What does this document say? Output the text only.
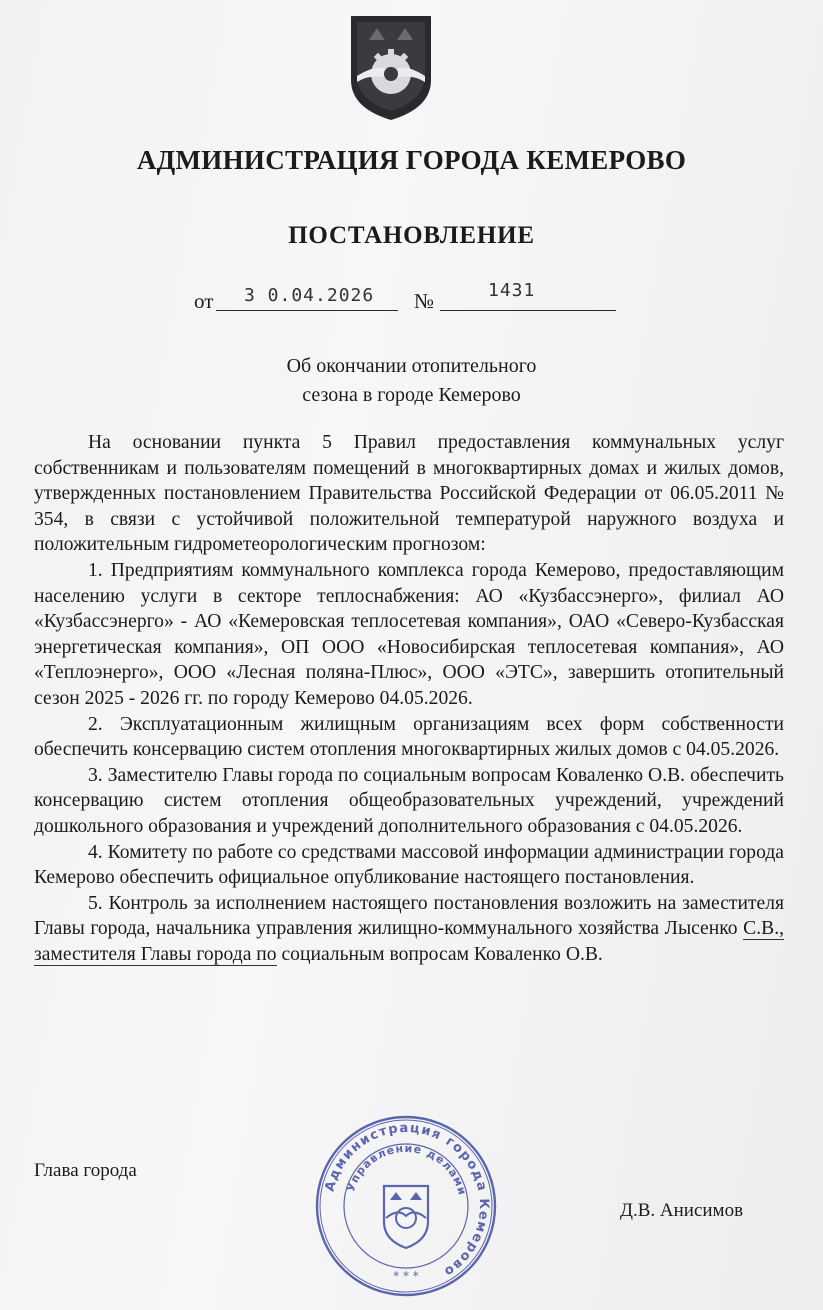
АДМИНИСТРАЦИЯ ГОРОДА КЕМЕРОВО
ПОСТАНОВЛЕНИЕ
от 3 0.04.2026 №	1431
Об окончании отопительного
сезона в городе Кемерово

На основании пункта 5 Правил предоставления коммунальных услуг собственникам и пользователям помещений в многоквартирных домах и жилых домов, утвержденных постановлением Правительства Российской Федерации от 06.05.2011 № 354, в связи с устойчивой положительной температурой наружного воздуха и положительным гидрометеорологическим прогнозом:

1. Предприятиям коммунального комплекса города Кемерово, предоставляющим населению услуги в секторе теплоснабжения: АО «Кузбассэнерго», филиал АО «Кузбассэнерго» - АО «Кемеровская теплосетевая компания», ОАО «Северо-Кузбасская энергетическая компания», ОП ООО «Новосибирская теплосетевая компания», АО «Теплоэнерго», ООО «Лесная поляна-Плюс», ООО «ЭТС», завершить отопительный сезон 2025 - 2026 гг. по городу Кемерово 04.05.2026.

2. Эксплуатационным жилищным организациям всех форм собственности обеспечить консервацию систем отопления многоквартирных жилых домов с 04.05.2026.

3. Заместителю Главы города по социальным вопросам Коваленко О.В. обеспечить консервацию систем отопления общеобразовательных учреждений, учреждений дошкольного образования и учреждений дополнительного образования с 04.05.2026.

4. Комитету по работе со средствами массовой информации администрации города Кемерово обеспечить официальное опубликование настоящего постановления.

5. Контроль за исполнением настоящего постановления возложить на заместителя Главы города, начальника управления жилищно-коммунального хозяйства Лысенко С.В., заместителя Главы города по социальным вопросам Коваленко О.В.

Глава города
Д.В. Анисимов
Администрация города Кемерово
Управление делами
* * *
